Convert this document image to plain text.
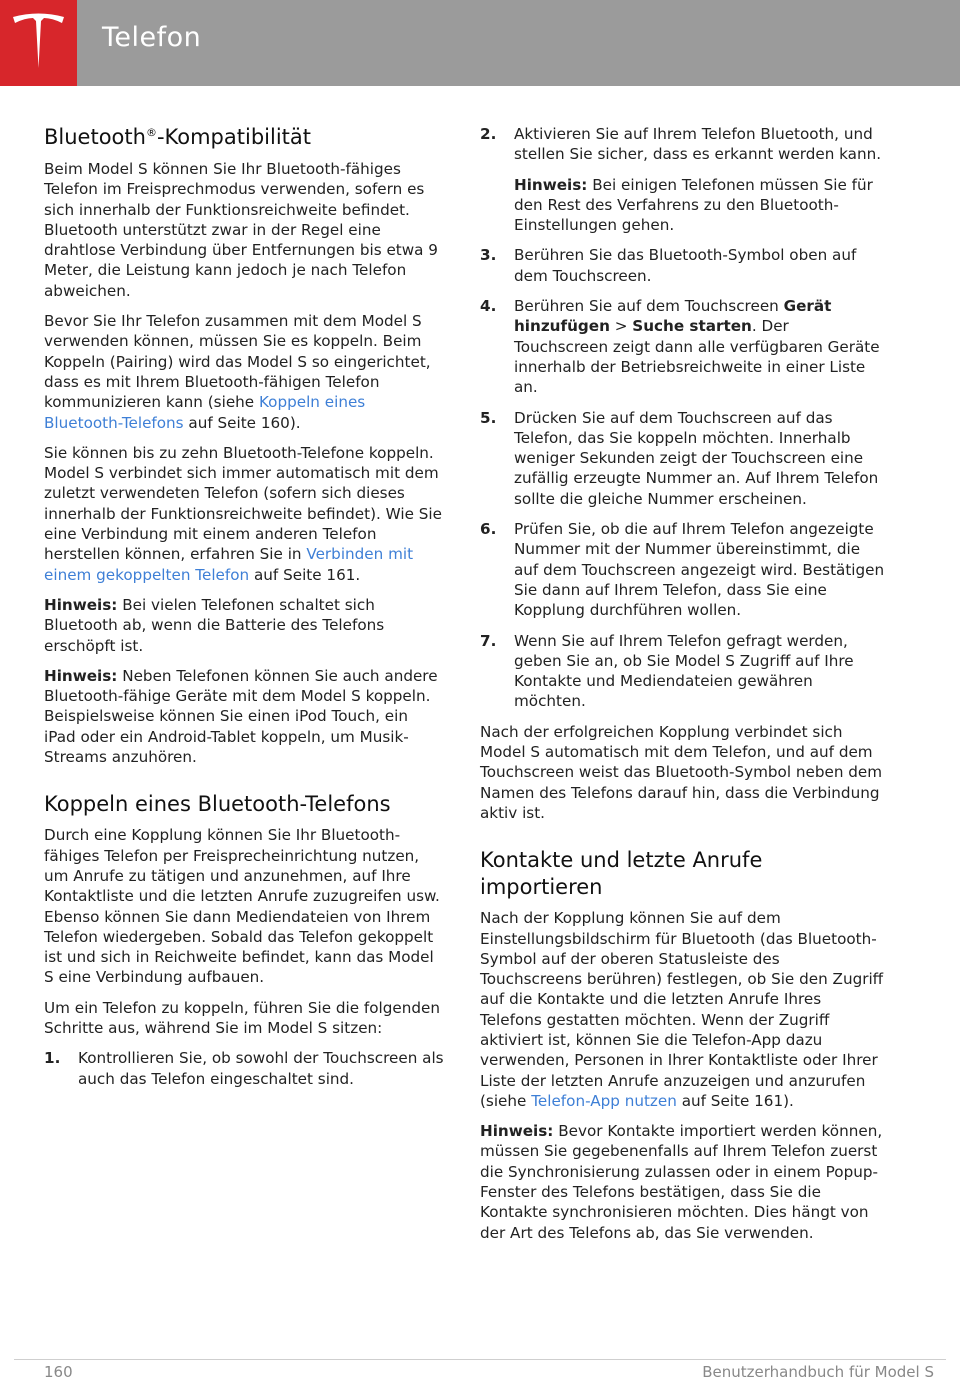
Telefon
Bluetooth®-Kompatibilität

Beim Model S können Sie Ihr Bluetooth-fähiges Telefon im Freisprechmodus verwenden, sofern es sich innerhalb der Funktionsreichweite befindet. Bluetooth unterstützt zwar in der Regel eine drahtlose Verbindung über Entfernungen bis etwa 9 Meter, die Leistung kann jedoch je nach Telefon abweichen.

Bevor Sie Ihr Telefon zusammen mit dem Model S verwenden können, müssen Sie es koppeln. Beim Koppeln (Pairing) wird das Model S so eingerichtet, dass es mit Ihrem Bluetooth-fähigen Telefon kommunizieren kann (siehe Koppeln eines Bluetooth-Telefons auf Seite 160).

Sie können bis zu zehn Bluetooth-Telefone koppeln. Model S verbindet sich immer automatisch mit dem zuletzt verwendeten Telefon (sofern sich dieses innerhalb der Funktionsreichweite befindet). Wie Sie eine Verbindung mit einem anderen Telefon herstellen können, erfahren Sie in Verbinden mit einem gekoppelten Telefon auf Seite 161.

Hinweis: Bei vielen Telefonen schaltet sich Bluetooth ab, wenn die Batterie des Telefons erschöpft ist.

Hinweis: Neben Telefonen können Sie auch andere Bluetooth-fähige Geräte mit dem Model S koppeln. Beispielsweise können Sie einen iPod Touch, ein iPad oder ein Android-Tablet koppeln, um Musik-Streams anzuhören.

Koppeln eines Bluetooth-Telefons

Durch eine Kopplung können Sie Ihr Bluetooth-fähiges Telefon per Freisprecheinrichtung nutzen, um Anrufe zu tätigen und anzunehmen, auf Ihre Kontaktliste und die letzten Anrufe zuzugreifen usw. Ebenso können Sie dann Mediendateien von Ihrem Telefon wiedergeben. Sobald das Telefon gekoppelt ist und sich in Reichweite befindet, kann das Model S eine Verbindung aufbauen.

Um ein Telefon zu koppeln, führen Sie die folgenden Schritte aus, während Sie im Model S sitzen:

1. Kontrollieren Sie, ob sowohl der Touchscreen als auch das Telefon eingeschaltet sind.

2. Aktivieren Sie auf Ihrem Telefon Bluetooth, und stellen Sie sicher, dass es erkannt werden kann.

Hinweis: Bei einigen Telefonen müssen Sie für den Rest des Verfahrens zu den Bluetooth-Einstellungen gehen.

3. Berühren Sie das Bluetooth-Symbol oben auf dem Touchscreen.

4. Berühren Sie auf dem Touchscreen Gerät hinzufügen > Suche starten. Der Touchscreen zeigt dann alle verfügbaren Geräte innerhalb der Betriebsreichweite in einer Liste an.

5. Drücken Sie auf dem Touchscreen auf das Telefon, das Sie koppeln möchten. Innerhalb weniger Sekunden zeigt der Touchscreen eine zufällig erzeugte Nummer an. Auf Ihrem Telefon sollte die gleiche Nummer erscheinen.

6. Prüfen Sie, ob die auf Ihrem Telefon angezeigte Nummer mit der Nummer übereinstimmt, die auf dem Touchscreen angezeigt wird. Bestätigen Sie dann auf Ihrem Telefon, dass Sie eine Kopplung durchführen wollen.

7. Wenn Sie auf Ihrem Telefon gefragt werden, geben Sie an, ob Sie Model S Zugriff auf Ihre Kontakte und Mediendateien gewähren möchten.

Nach der erfolgreichen Kopplung verbindet sich Model S automatisch mit dem Telefon, und auf dem Touchscreen weist das Bluetooth-Symbol neben dem Namen des Telefons darauf hin, dass die Verbindung aktiv ist.

Kontakte und letzte Anrufe importieren

Nach der Kopplung können Sie auf dem Einstellungsbildschirm für Bluetooth (das Bluetooth-Symbol auf der oberen Statusleiste des Touchscreens berühren) festlegen, ob Sie den Zugriff auf die Kontakte und die letzten Anrufe Ihres Telefons gestatten möchten. Wenn der Zugriff aktiviert ist, können Sie die Telefon-App dazu verwenden, Personen in Ihrer Kontaktliste oder Ihrer Liste der letzten Anrufe anzuzeigen und anzurufen (siehe Telefon-App nutzen auf Seite 161).

Hinweis: Bevor Kontakte importiert werden können, müssen Sie gegebenenfalls auf Ihrem Telefon zuerst die Synchronisierung zulassen oder in einem Popup-Fenster des Telefons bestätigen, dass Sie die Kontakte synchronisieren möchten. Dies hängt von der Art des Telefons ab, das Sie verwenden.

160	Benutzerhandbuch für Model S
